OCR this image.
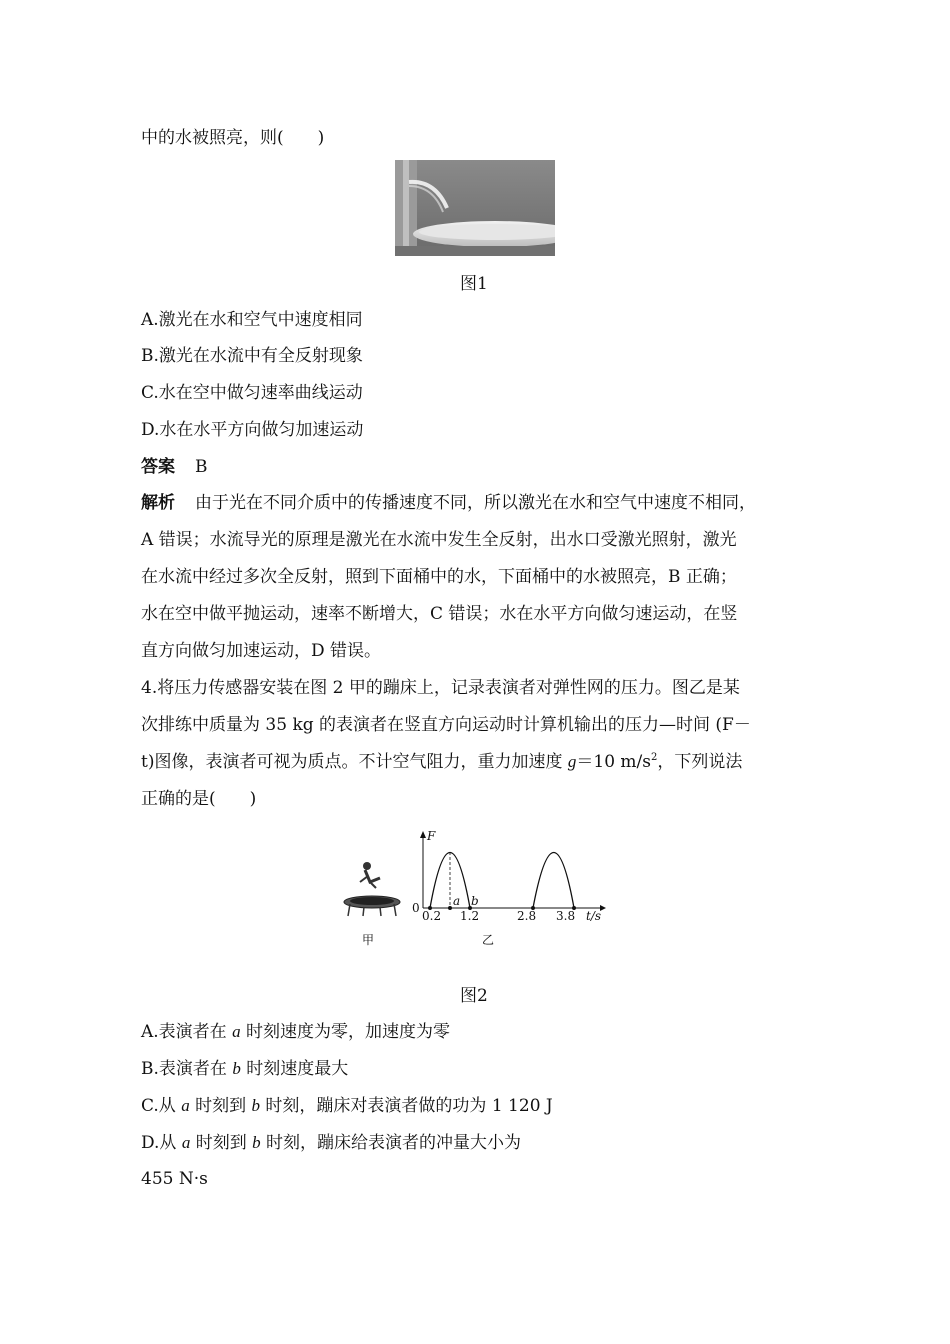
中的水被照亮，则(　　)
图1
A.激光在水和空气中速度相同
B.激光在水流中有全反射现象
C.水在空中做匀速率曲线运动
D.水在水平方向做匀加速运动
答案 B
解析 由于光在不同介质中的传播速度不同，所以激光在水和空气中速度不相同，
A 错误；水流导光的原理是激光在水流中发生全反射，出水口受激光照射，激光
在水流中经过多次全反射，照到下面桶中的水，下面桶中的水被照亮，B 正确；
水在空中做平抛运动，速率不断增大，C 错误；水在水平方向做匀速运动，在竖
直方向做匀加速运动，D 错误。
4.将压力传感器安装在图 2 甲的蹦床上，记录表演者对弹性网的压力。图乙是某
次排练中质量为 35 kg 的表演者在竖直方向运动时计算机输出的压力—时间 (F－
t)图像，表演者可视为质点。不计空气阻力，重力加速度 g＝10 $m/s^2$，下列说法
正确的是(　　)
甲
F
0	a b
0.2 1.2	2.8 3.8 t/s
乙
图2
A.表演者在 a 时刻速度为零，加速度为零
B.表演者在 b 时刻速度最大
C.从 a 时刻到 b 时刻，蹦床对表演者做的功为 1 120 J
D.从 a 时刻到 b 时刻，蹦床给表演者的冲量大小为
455 N·s
